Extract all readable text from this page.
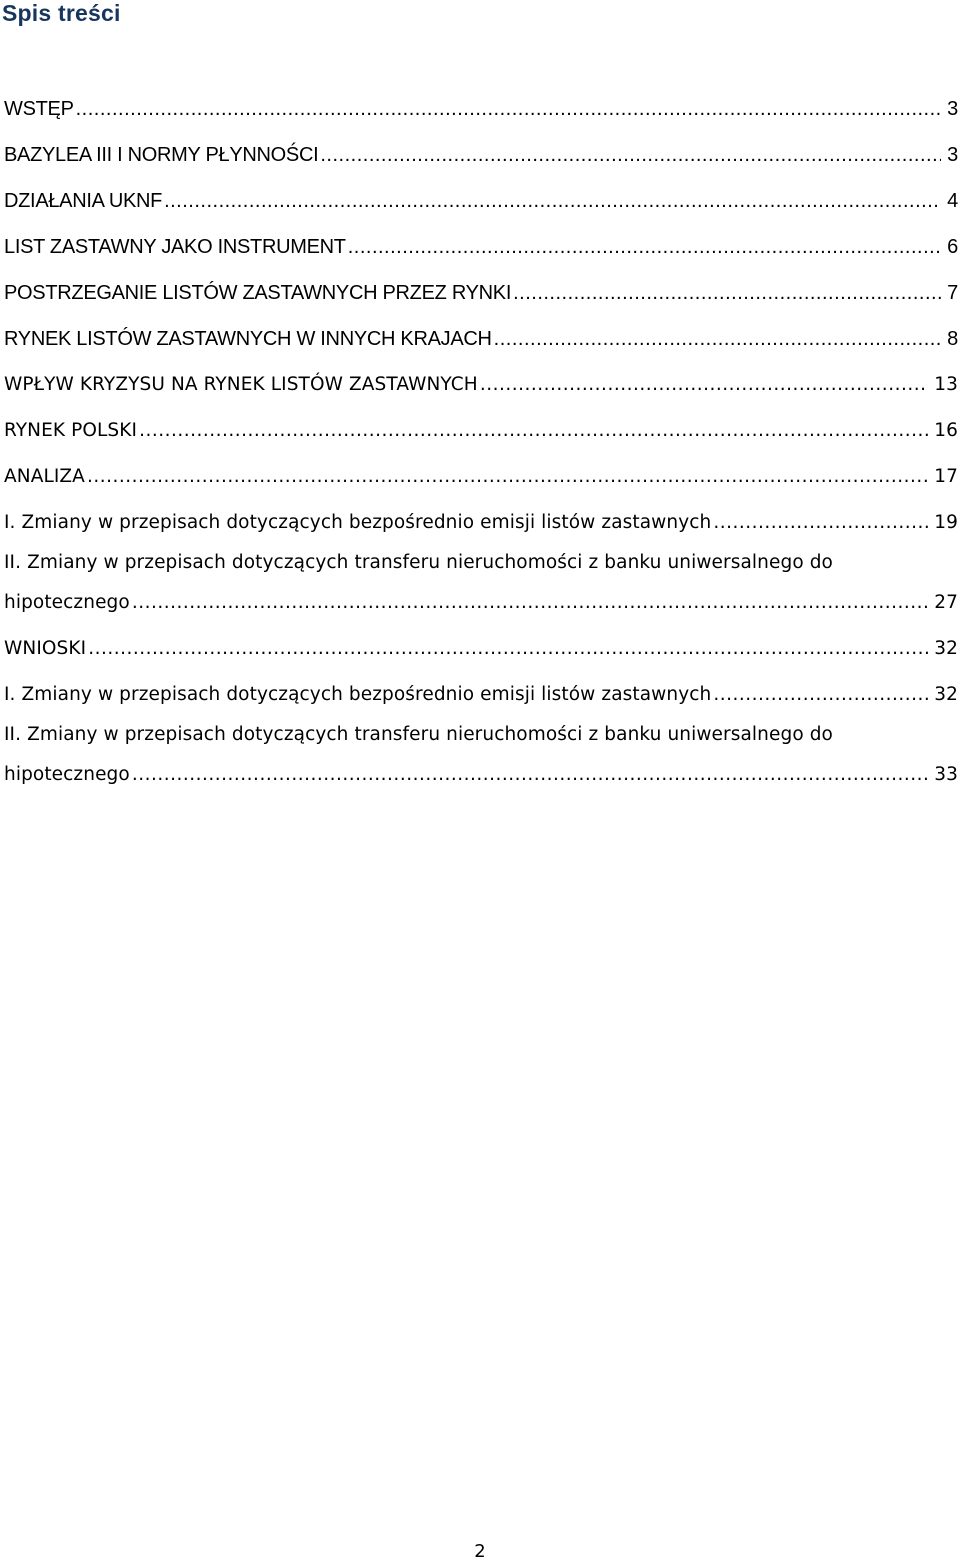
Spis treści
WSTĘP .....	3
BAZYLEA III I NORMY PŁYNNOŚCI .....	3
DZIAŁANIA UKNF .....	4
LIST ZASTAWNY JAKO INSTRUMENT .....	6
POSTRZEGANIE LISTÓW ZASTAWNYCH PRZEZ RYNKI .....	7
RYNEK LISTÓW ZASTAWNYCH W INNYCH KRAJACH .....	8
WPŁYW KRYZYSU NA RYNEK LISTÓW ZASTAWNYCH .....	13
RYNEK POLSKI .....	16
ANALIZA .....	17
I. Zmiany w przepisach dotyczących bezpośrednio emisji listów zastawnych .....	19
II. Zmiany w przepisach dotyczących transferu nieruchomości z banku uniwersalnego do
hipotecznego .....	27
WNIOSKI .....	32
I. Zmiany w przepisach dotyczących bezpośrednio emisji listów zastawnych .....	32
II. Zmiany w przepisach dotyczących transferu nieruchomości z banku uniwersalnego do
hipotecznego .....	33
2
